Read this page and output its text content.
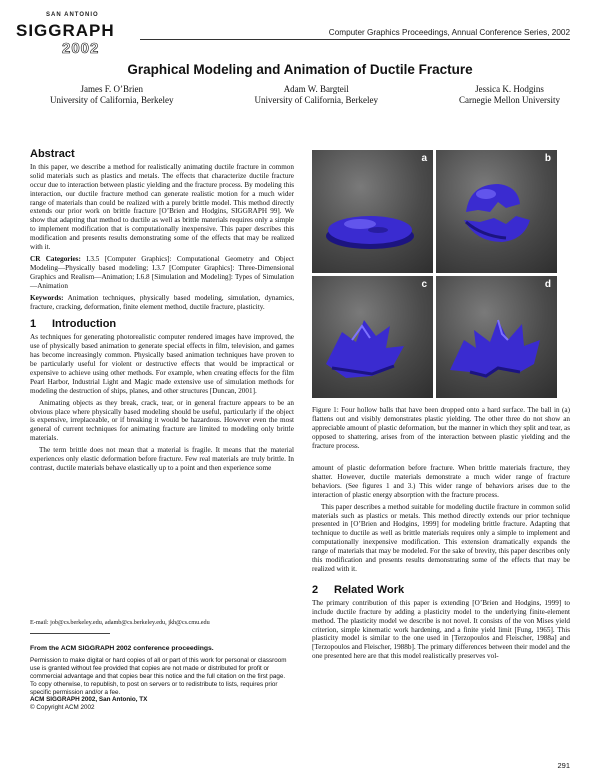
SAN ANTONIO
SIGGRAPH
2002
Computer Graphics Proceedings, Annual Conference Series, 2002
Graphical Modeling and Animation of Ductile Fracture
James F. O’Brien
University of California, Berkeley
Adam W. Bargteil
University of California, Berkeley
Jessica K. Hodgins
Carnegie Mellon University
Abstract

In this paper, we describe a method for realistically animating ductile fracture in common solid materials such as plastics and metals. The effects that characterize ductile fracture occur due to interaction between plastic yielding and the fracture process. By modeling this interaction, our ductile fracture method can generate realistic motion for a much wider range of materials than could be realized with a purely brittle model. This method directly extends our prior work on brittle fracture [O’Brien and Hodgins, SIGGRAPH 99]. We show that adapting that method to ductile as well as brittle materials requires only a simple to implement modification that is computationally inexpensive. This paper describes this modification and presents results demonstrating some of the effects that may be realized with it.

CR Categories: I.3.5 [Computer Graphics]: Computational Geometry and Object Modeling—Physically based modeling; I.3.7 [Computer Graphics]: Three-Dimensional Graphics and Realism—Animation; I.6.8 [Simulation and Modeling]: Types of Simulation—Animation

Keywords: Animation techniques, physically based modeling, simulation, dynamics, fracture, cracking, deformation, finite element method, ductile fracture, plasticity.

1 Introduction

As techniques for generating photorealistic computer rendered images have improved, the use of physically based animation to generate special effects in film, television, and games has become increasingly common. Physically based animation techniques have proven to be particularly useful for violent or destructive effects that would be impractical or expensive to achieve using other methods. For example, when creating effects for the film Pearl Harbor, Industrial Light and Magic made extensive use of simulation methods for modeling the destruction of ships, planes, and other structures [Duncan, 2001].

Animating objects as they break, crack, tear, or in general fracture appears to be an obvious place where physically based modeling should be useful, particularly if the object is expensive, irreplaceable, or if breaking it would be hazardous. However even the most general of current techniques for animating fracture are limited to modeling only brittle materials.

The term brittle does not mean that a material is fragile. It means that the material experiences only elastic deformation before fracture. Few real materials are truly brittle. In contrast, ductile materials behave elastically up to a point and then experience some

a	b
c	d
Figure 1: Four hollow balls that have been dropped onto a hard surface. The ball in (a) flattens out and visibly demonstrates plastic yielding. The other three do not show an appreciable amount of plastic deformation, but the manner in which they split and tear, as opposed to shattering, arises from of the interaction between plastic yielding and the fracture process.

amount of plastic deformation before fracture. When brittle materials fracture, they shatter. However, ductile materials demonstrate a much wider range of fracture behaviors. (See figures 1 and 3.) This wider range of behaviors arises due to the interaction of plastic energy absorption with the fracture process.

This paper describes a method suitable for modeling ductile fracture in common solid materials such as plastics or metals. This method directly extends our prior technique presented in [O’Brien and Hodgins, 1999] for modeling brittle fracture. Adapting that technique to ductile as well as brittle materials requires only a simple to implement and computationally inexpensive modification. This extension dramatically expands the range of materials that may be modeled. For the sake of brevity, this paper describes only this modification and presents results demonstrating some of the effects that may be realized with it.

2 Related Work

The primary contribution of this paper is extending [O’Brien and Hodgins, 1999] to include ductile fracture by adding a plasticity model to the underlying finite-element method. The plasticity model we describe is not novel. It consists of the von Mises yield criterion, simple kinematic work hardening, and a finite yield limit [Fung, 1965]. This plasticity model is similar to the one used in [Terzopoulos and Fleischer, 1988a] and [Terzopoulos and Fleischer, 1988b]. The primary differences between their model and the one presented here are that this model realistically preserves vol-

E-mail: job@cs.berkeley.edu, adamb@cs.berkeley.edu, jkh@cs.cmu.edu
From the ACM SIGGRAPH 2002 conference proceedings.
Permission to make digital or hard copies of all or part of this work for personal or classroom use is granted without fee provided that copies are not made or distributed for profit or commercial advantage and that copies bear this notice and the full citation on the first page. To copy otherwise, to republish, to post on servers or to redistribute to lists, requires prior specific permission and/or a fee.
ACM SIGGRAPH 2002, San Antonio, TX
© Copyright ACM 2002
291
